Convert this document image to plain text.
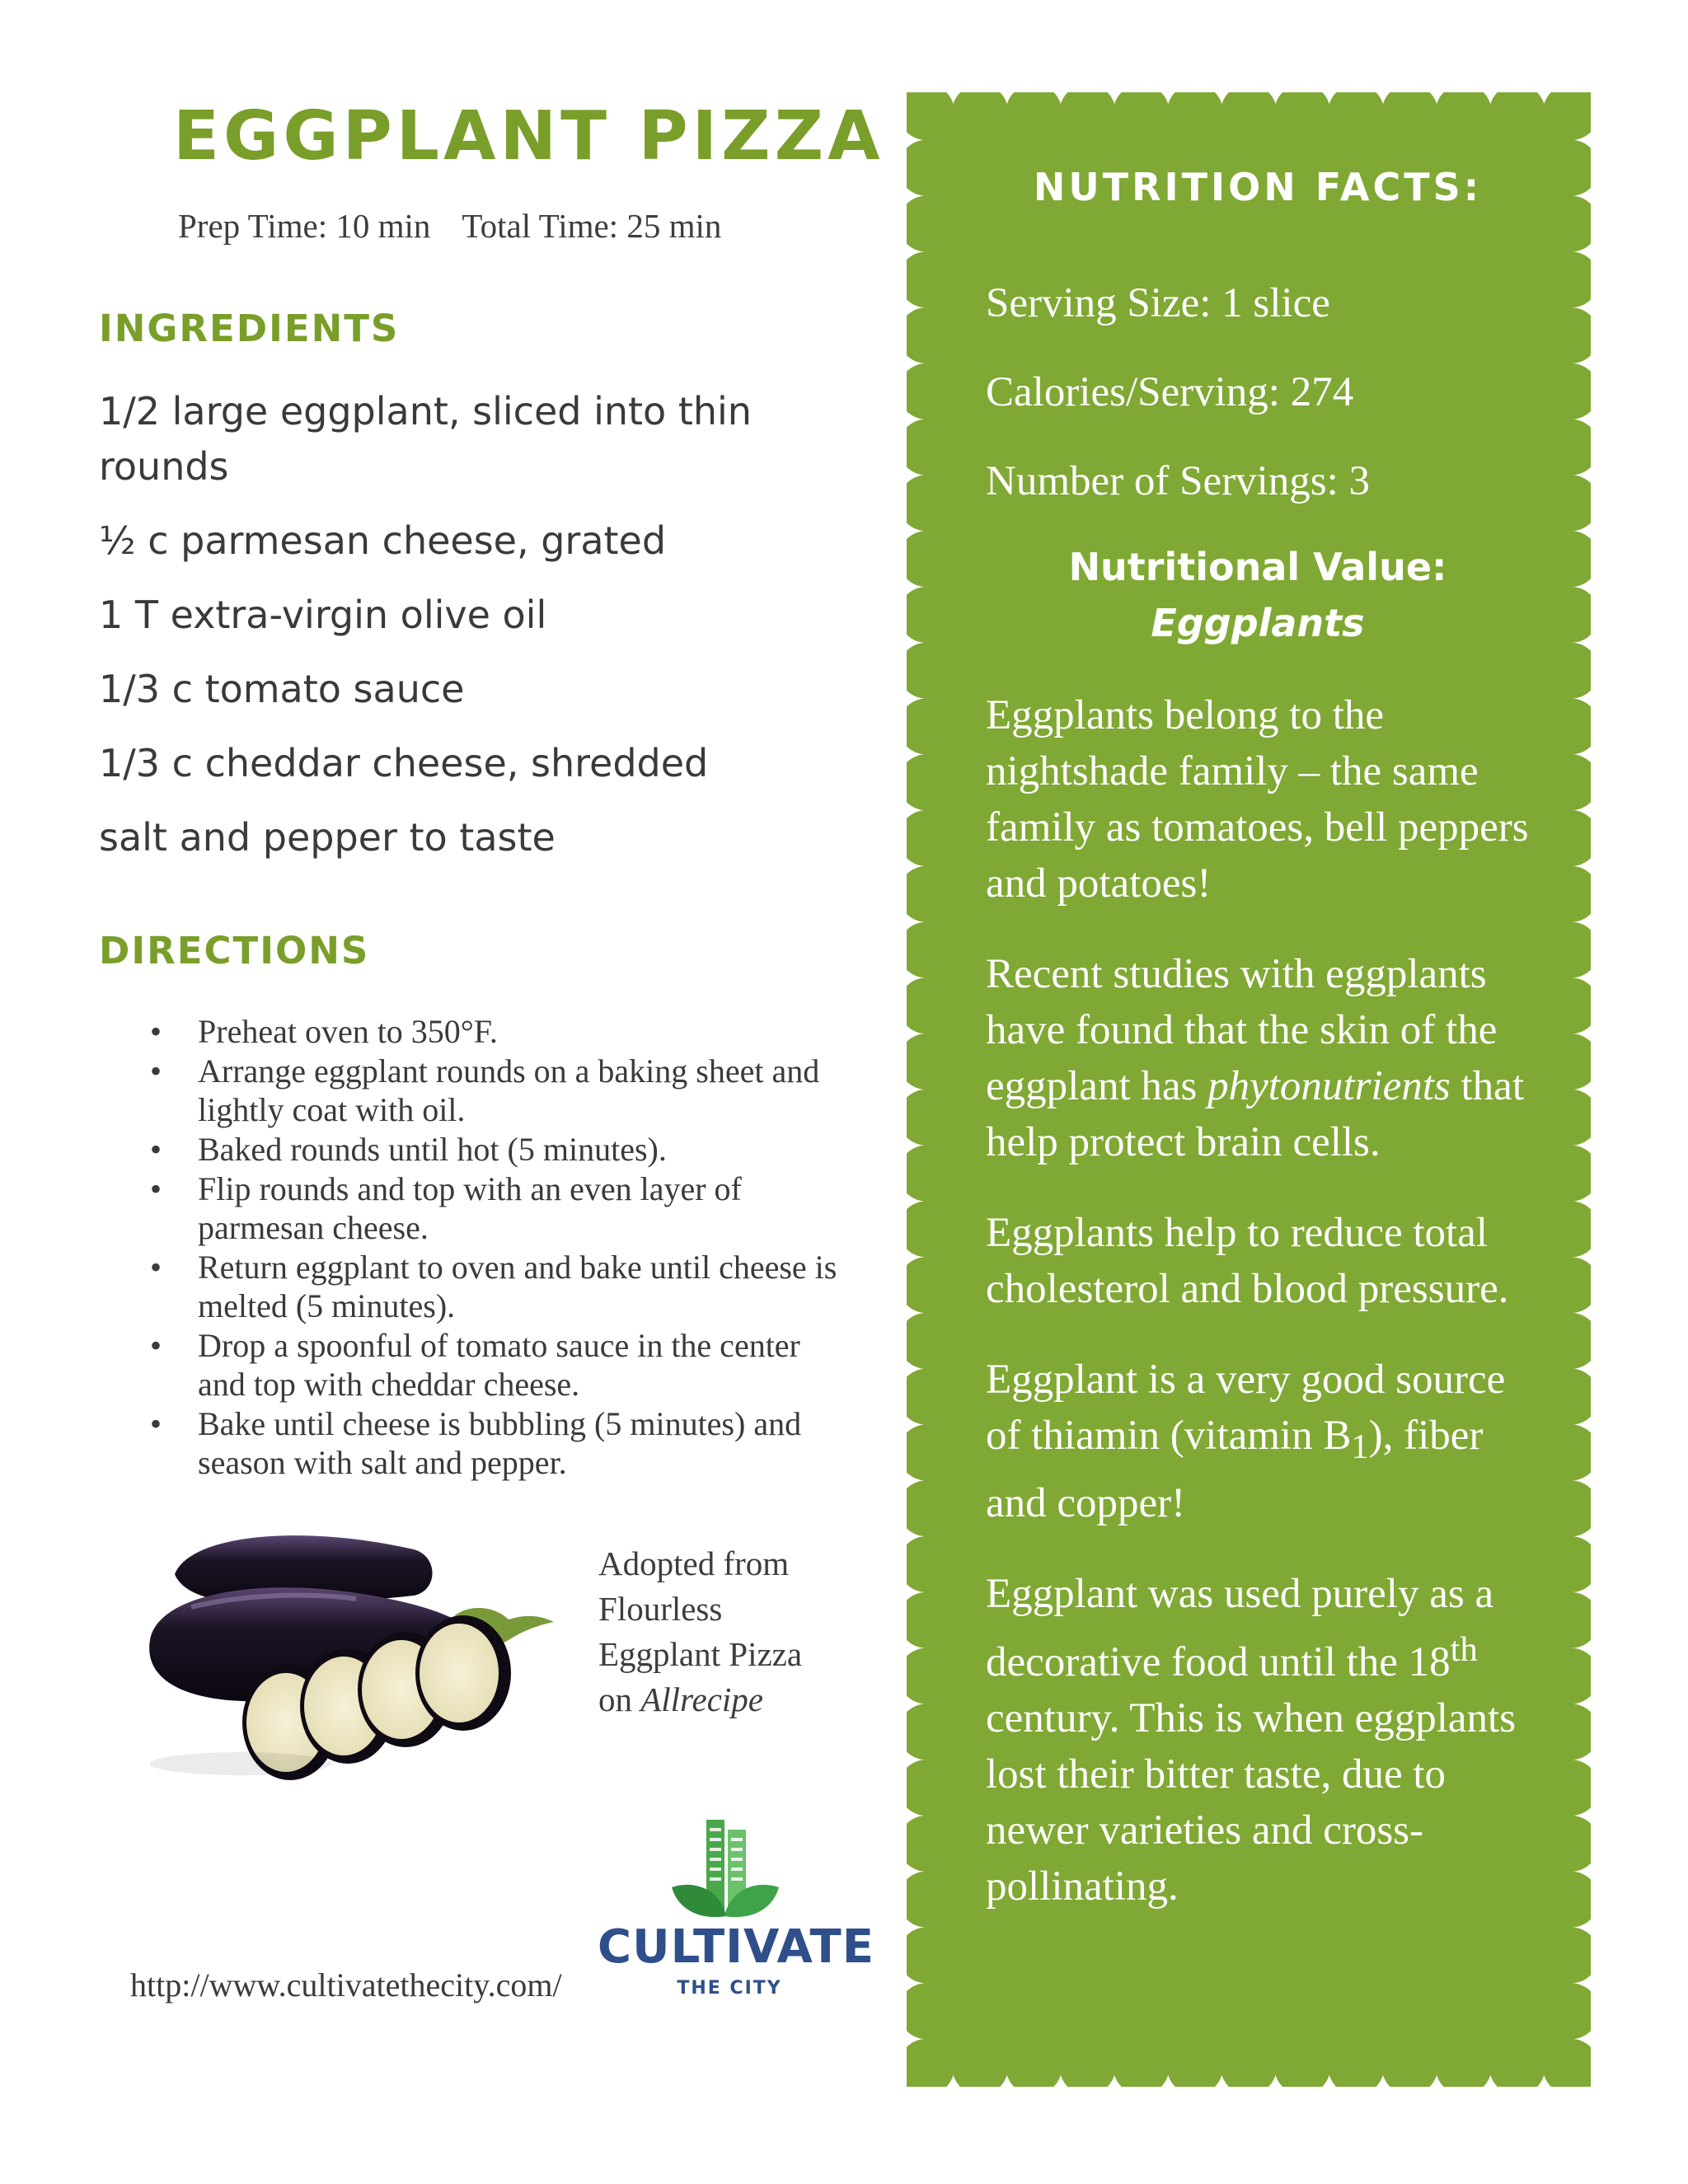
EGGPLANT PIZZA
Prep Time: 10 min Total Time: 25 min
INGREDIENTS
1/2 large eggplant, sliced into thin rounds
½ c parmesan cheese, grated
1 T extra-virgin olive oil
1/3 c tomato sauce
1/3 c cheddar cheese, shredded
salt and pepper to taste
DIRECTIONS
• Preheat oven to 350°F.
• Arrange eggplant rounds on a baking sheet and lightly coat with oil.
• Baked rounds until hot (5 minutes).
• Flip rounds and top with an even layer of parmesan cheese.
• Return eggplant to oven and bake until cheese is melted (5 minutes).
• Drop a spoonful of tomato sauce in the center and top with cheddar cheese.
• Bake until cheese is bubbling (5 minutes) and season with salt and pepper.
Adopted from
Flourless
Eggplant Pizza
on Allrecipe
CULTIVATE
THE CITY
http://www.cultivatethecity.com/
NUTRITION FACTS:

Serving Size: 1 slice

Calories/Serving: 274

Number of Servings: 3

Nutritional Value:
Eggplants

Eggplants belong to the nightshade family – the same family as tomatoes, bell peppers and potatoes!

Recent studies with eggplants have found that the skin of the eggplant has phytonutrients that help protect brain cells.

Eggplants help to reduce total cholesterol and blood pressure.

Eggplant is a very good source of thiamin (vitamin $B_1$), fiber and copper!

Eggplant was used purely as a decorative food until the 18th century. This is when eggplants lost their bitter taste, due to newer varieties and cross-pollinating.
